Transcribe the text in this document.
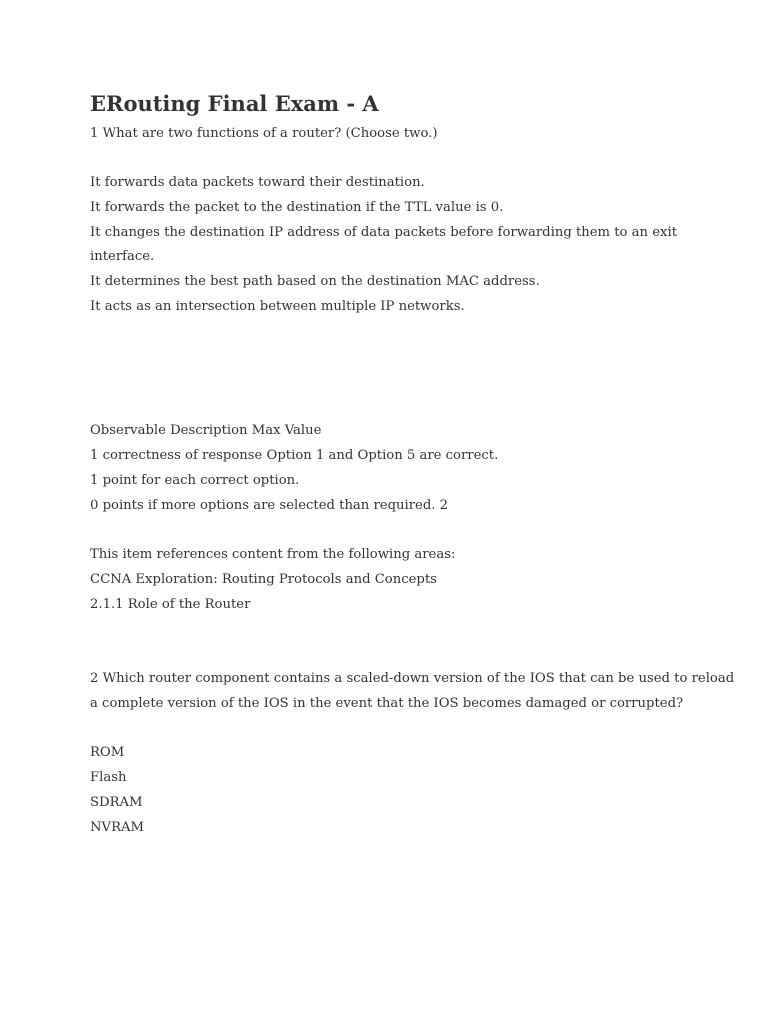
ERouting Final Exam - A
1 What are two functions of a router? (Choose two.)
It forwards data packets toward their destination.
It forwards the packet to the destination if the TTL value is 0.
It changes the destination IP address of data packets before forwarding them to an exit
interface.
It determines the best path based on the destination MAC address.
It acts as an intersection between multiple IP networks.
Observable Description Max Value
1 correctness of response Option 1 and Option 5 are correct.
1 point for each correct option.
0 points if more options are selected than required. 2
This item references content from the following areas:
CCNA Exploration: Routing Protocols and Concepts
2.1.1 Role of the Router
2 Which router component contains a scaled-down version of the IOS that can be used to reload
a complete version of the IOS in the event that the IOS becomes damaged or corrupted?
ROM
Flash
SDRAM
NVRAM
